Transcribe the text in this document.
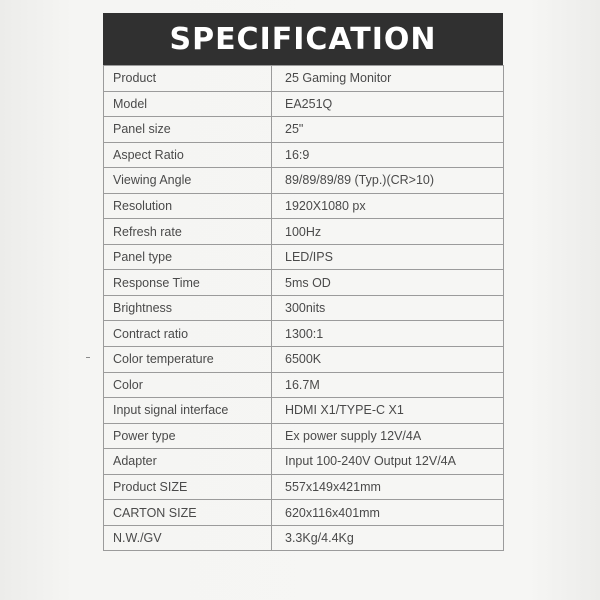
SPECIFICATION
Product	25 Gaming Monitor
Model	EA251Q
Panel size	25"
Aspect Ratio	16:9
Viewing Angle	89/89/89/89 (Typ.)(CR>10)
Resolution	1920X1080 px
Refresh rate	100Hz
Panel type	LED/IPS
Response Time	5ms OD
Brightness	300nits
Contract ratio	1300:1
Color temperature	6500K
Color	16.7M
Input signal interface	HDMI X1/TYPE-C X1
Power type	Ex power supply 12V/4A
Adapter	Input 100-240V Output 12V/4A
Product SIZE	557x149x421mm
CARTON SIZE	620x116x401mm
N.W./GV	3.3Kg/4.4Kg
